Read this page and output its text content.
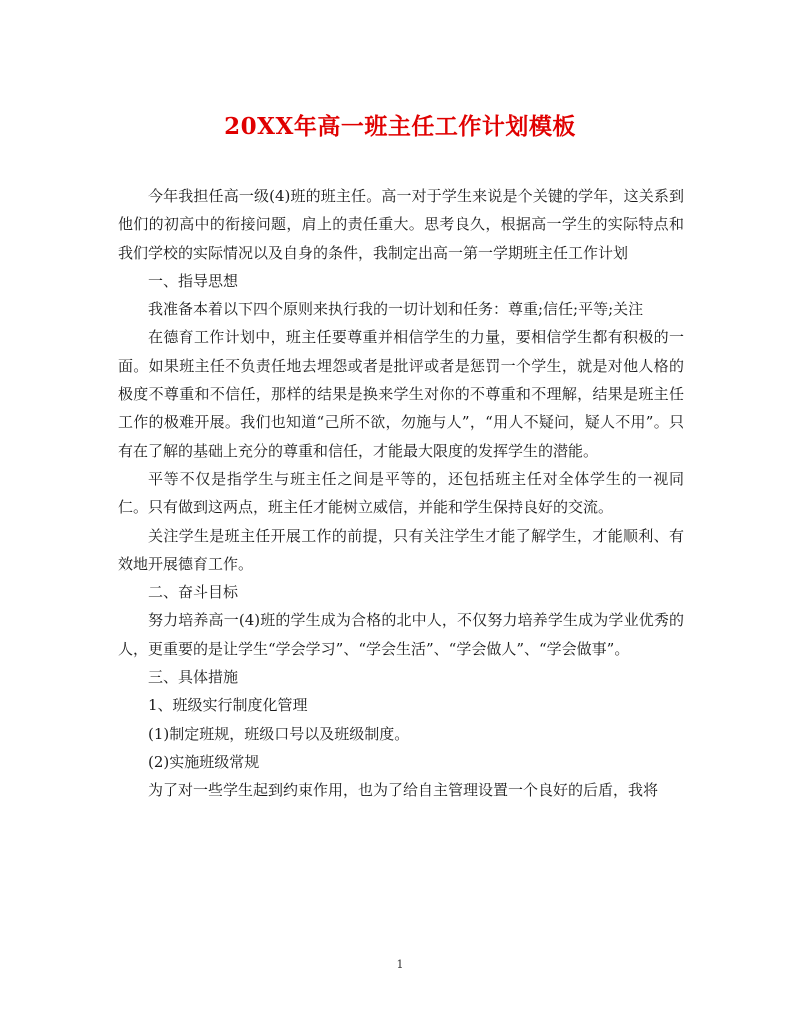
20XX年高一班主任工作计划模板

今年我担任高一级(4)班的班主任。高一对于学生来说是个关键的学年，这关系到他们的初高中的衔接问题，肩上的责任重大。思考良久，根据高一学生的实际特点和我们学校的实际情况以及自身的条件，我制定出高一第一学期班主任工作计划

一、指导思想

我准备本着以下四个原则来执行我的一切计划和任务：尊重;信任;平等;关注

在德育工作计划中，班主任要尊重并相信学生的力量，要相信学生都有积极的一面。如果班主任不负责任地去埋怨或者是批评或者是惩罚一个学生，就是对他人格的极度不尊重和不信任，那样的结果是换来学生对你的不尊重和不理解，结果是班主任工作的极难开展。我们也知道“己所不欲，勿施与人”，“用人不疑问，疑人不用”。只有在了解的基础上充分的尊重和信任，才能最大限度的发挥学生的潜能。

平等不仅是指学生与班主任之间是平等的，还包括班主任对全体学生的一视同仁。只有做到这两点，班主任才能树立威信，并能和学生保持良好的交流。

关注学生是班主任开展工作的前提，只有关注学生才能了解学生，才能顺利、有效地开展德育工作。

二、奋斗目标

努力培养高一(4)班的学生成为合格的北中人，不仅努力培养学生成为学业优秀的人，更重要的是让学生“学会学习”、“学会生活”、“学会做人”、“学会做事”。

三、具体措施

1、班级实行制度化管理

(1)制定班规，班级口号以及班级制度。

(2)实施班级常规

为了对一些学生起到约束作用，也为了给自主管理设置一个良好的后盾，我将

1
